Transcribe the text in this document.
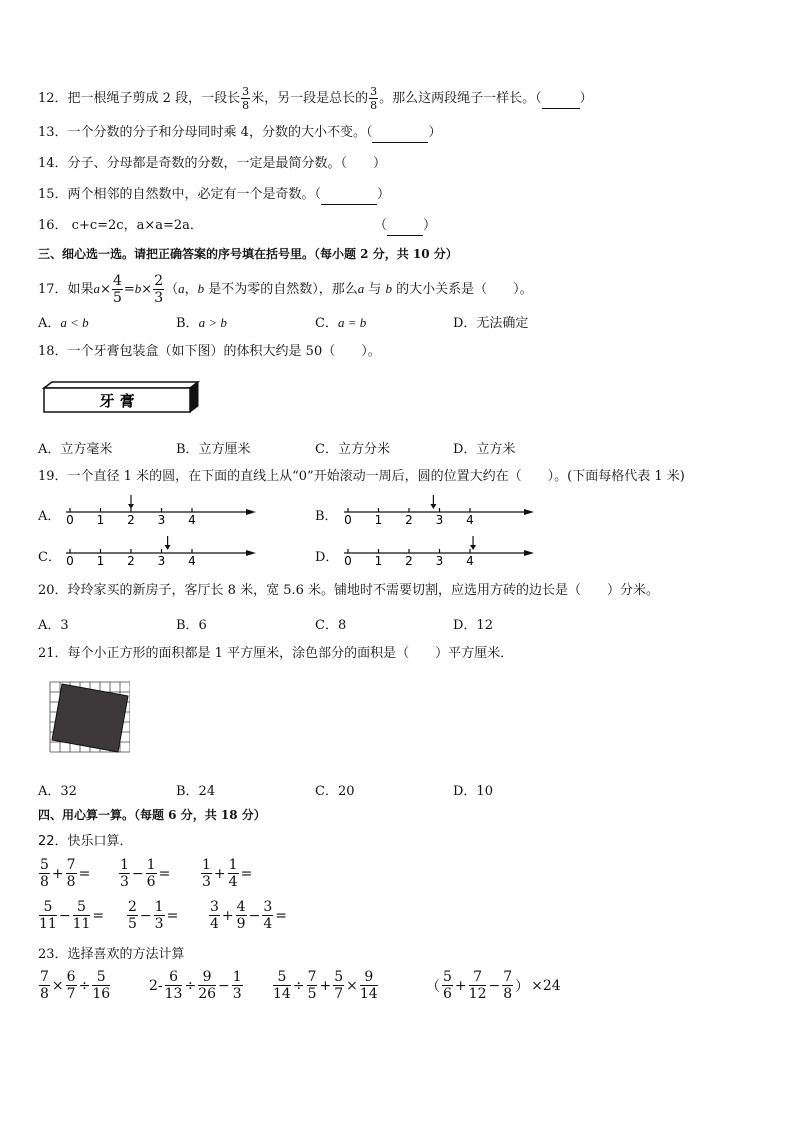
12．把一根绳子剪成 2 段，一段长 $\frac{3}{8}$ 米，另一段是总长的 $\frac{3}{8}$ 。那么这两段绳子一样长。（	）
13．一个分数的分子和分母同时乘 4，分数的大小不变。（	）
14．分子、分母都是奇数的分数，一定是最简分数。（　　）
15．两个相邻的自然数中，必定有一个是奇数。（	）
16． c+c=2c，a×a=2a．	（	）
三、细心选一选。请把正确答案的序号填在括号里。（每小题 2 分，共 10 分）
17．如果$a\times \frac{4}{5} =b\times \frac{2}{3} (a$，b 是不为零的自然数），那么a 与 b 的大小关系是（　　）。
A．a < b	B．a > b	C．a = b	D．无法确定
18．一个牙膏包装盒（如下图）的体积大约是 50（　　）。
牙 膏
A．立方毫米	B．立方厘米	C．立方分米	D．立方米
19．一个直径 1 米的圆，在下面的直线上从“0”开始滚动一周后，圆的位置大约在（　　）。(下面每格代表 1 米)
A． 0 1 2 3 4	B． 0 1 2 3 4
C． 0 1 2 3 4	D． 0 1 2 3 4
20．玲玲家买的新房子，客厅长 8 米，宽 5.6 米。铺地时不需要切割，应选用方砖的边长是（　　）分米。
A．3	B．6	C．8	D．12
21．每个小正方形的面积都是 1 平方厘米，涂色部分的面积是（　　）平方厘米．
A．32	B．24	C．20	D．10
四、用心算一算。（每题 6 分，共 18 分）
22．快乐口算．
$\frac{5}{8} + \frac{7}{8} = \frac{1}{3} - \frac{1}{6} = \frac{1}{3} + \frac{1}{4}$ =
$\frac{5}{11} - \frac{5}{11} = \frac{2}{5} - \frac{1}{3} = \frac{3}{4} + \frac{4}{9} - \frac{3}{4}$ =
23．选择喜欢的方法计算
$\frac{7}{8} \times \frac{6}{7} \div \frac{5}{16}$	$2- \frac{6}{13} \div \frac{9}{26} - \frac{1}{3} \frac{5}{14} \div \frac{7}{5} + \frac{5}{7} \times \frac{9}{14}$	（ $\frac{5}{6} + \frac{7}{12} - \frac{7}{8}$ ） ×24
